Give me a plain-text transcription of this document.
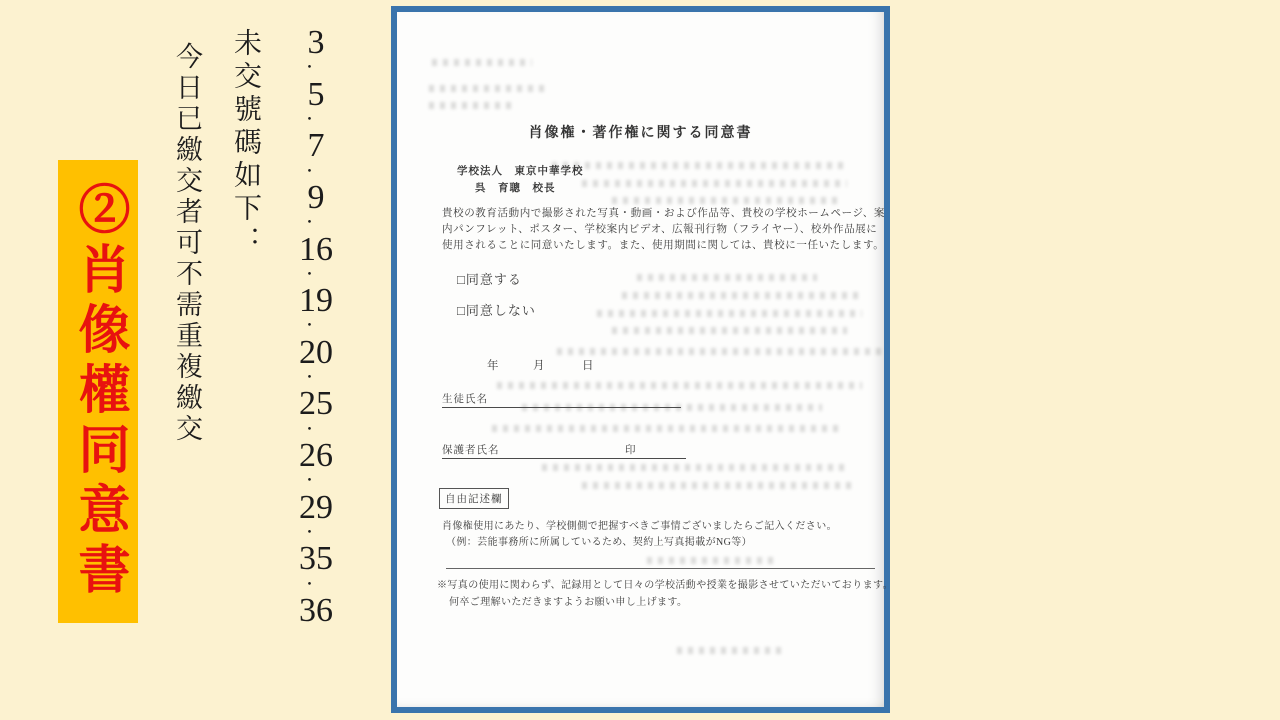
②肖像權同意書 今日已繳交者可不需重複繳交 未交號碼如下： 3
・
5
・
7
・
9
・
16
・
19
・
20
・
25
・
26
・
29
・
35
・
36
肖像権・著作権に関する同意書
学校法人　東京中華学校
呉　育聰　校長
貴校の教育活動内で撮影された写真・動画・および作品等、貴校の学校ホームページ、案
内パンフレット、ポスター、学校案内ビデオ、広報刊行物（フライヤー）、校外作品展に
使用されることに同意いたします。また、使用期間に関しては、貴校に一任いたします。
□同意する
□同意しない
年	月	日
生徒氏名
保護者氏名	印
自由記述欄
肖像権使用にあたり、学校側側で把握すべきご事情ございましたらご記入ください。
（例：芸能事務所に所属しているため、契約上写真掲載がNG等）
※写真の使用に関わらず、記録用として日々の学校活動や授業を撮影させていただいております。
何卒ご理解いただきますようお願い申し上げます。
